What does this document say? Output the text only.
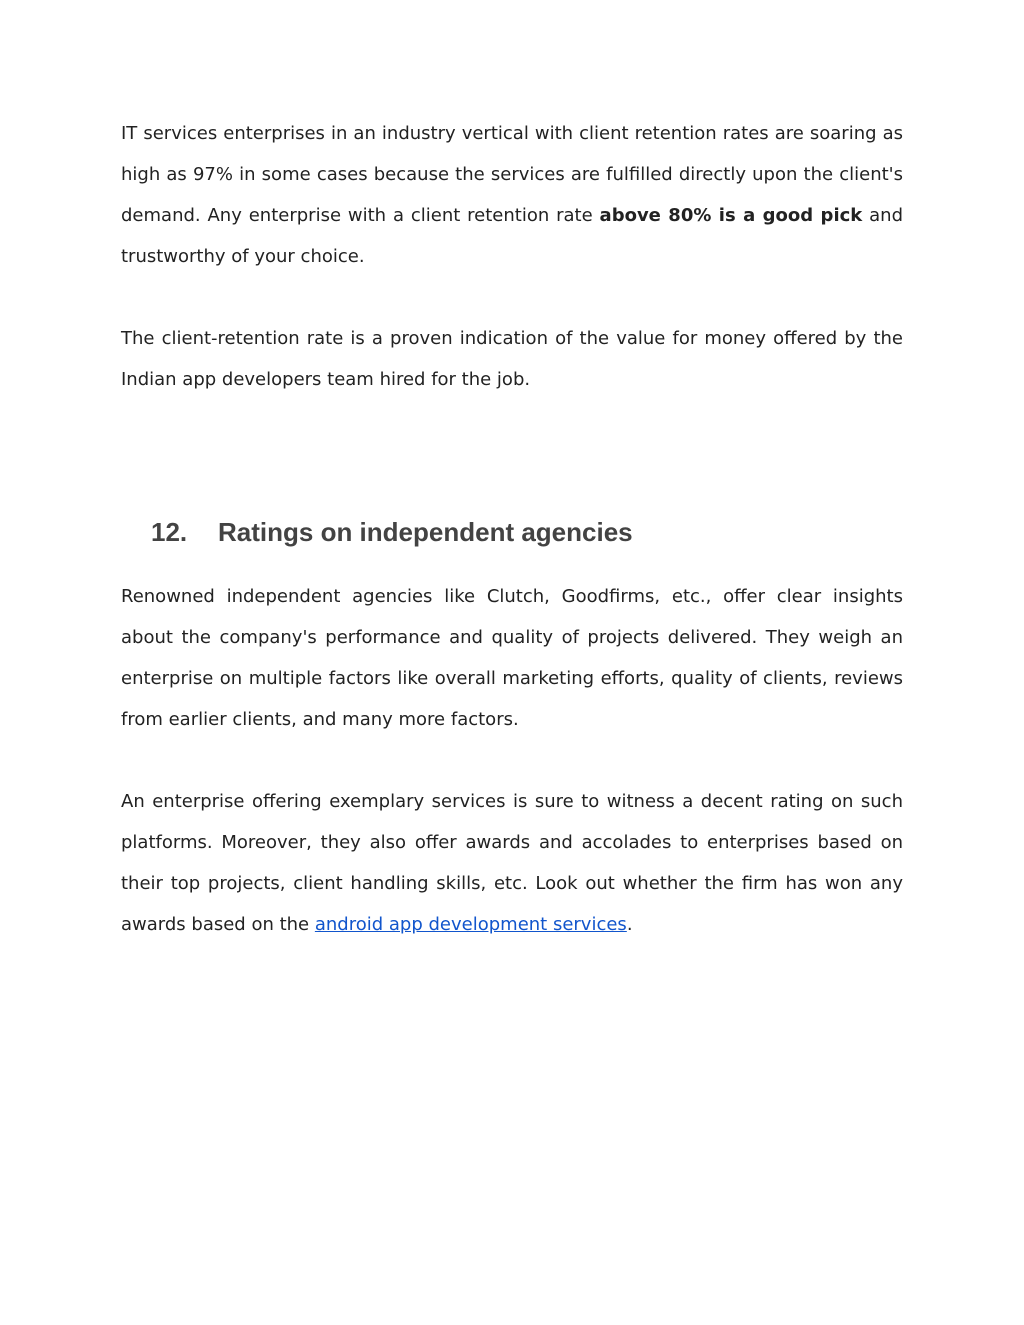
IT services enterprises in an industry vertical with client retention rates are soaring as high as 97% in some cases because the services are fulfilled directly upon the client's demand. Any enterprise with a client retention rate above 80% is a good pick and trustworthy of your choice.

The client-retention rate is a proven indication of the value for money offered by the Indian app developers team hired for the job.

12.	Ratings on independent agencies

Renowned independent agencies like Clutch, Goodfirms, etc., offer clear insights about the company's performance and quality of projects delivered. They weigh an enterprise on multiple factors like overall marketing efforts, quality of clients, reviews from earlier clients, and many more factors.

An enterprise offering exemplary services is sure to witness a decent rating on such platforms. Moreover, they also offer awards and accolades to enterprises based on their top projects, client handling skills, etc. Look out whether the firm has won any awards based on the android app development services.
